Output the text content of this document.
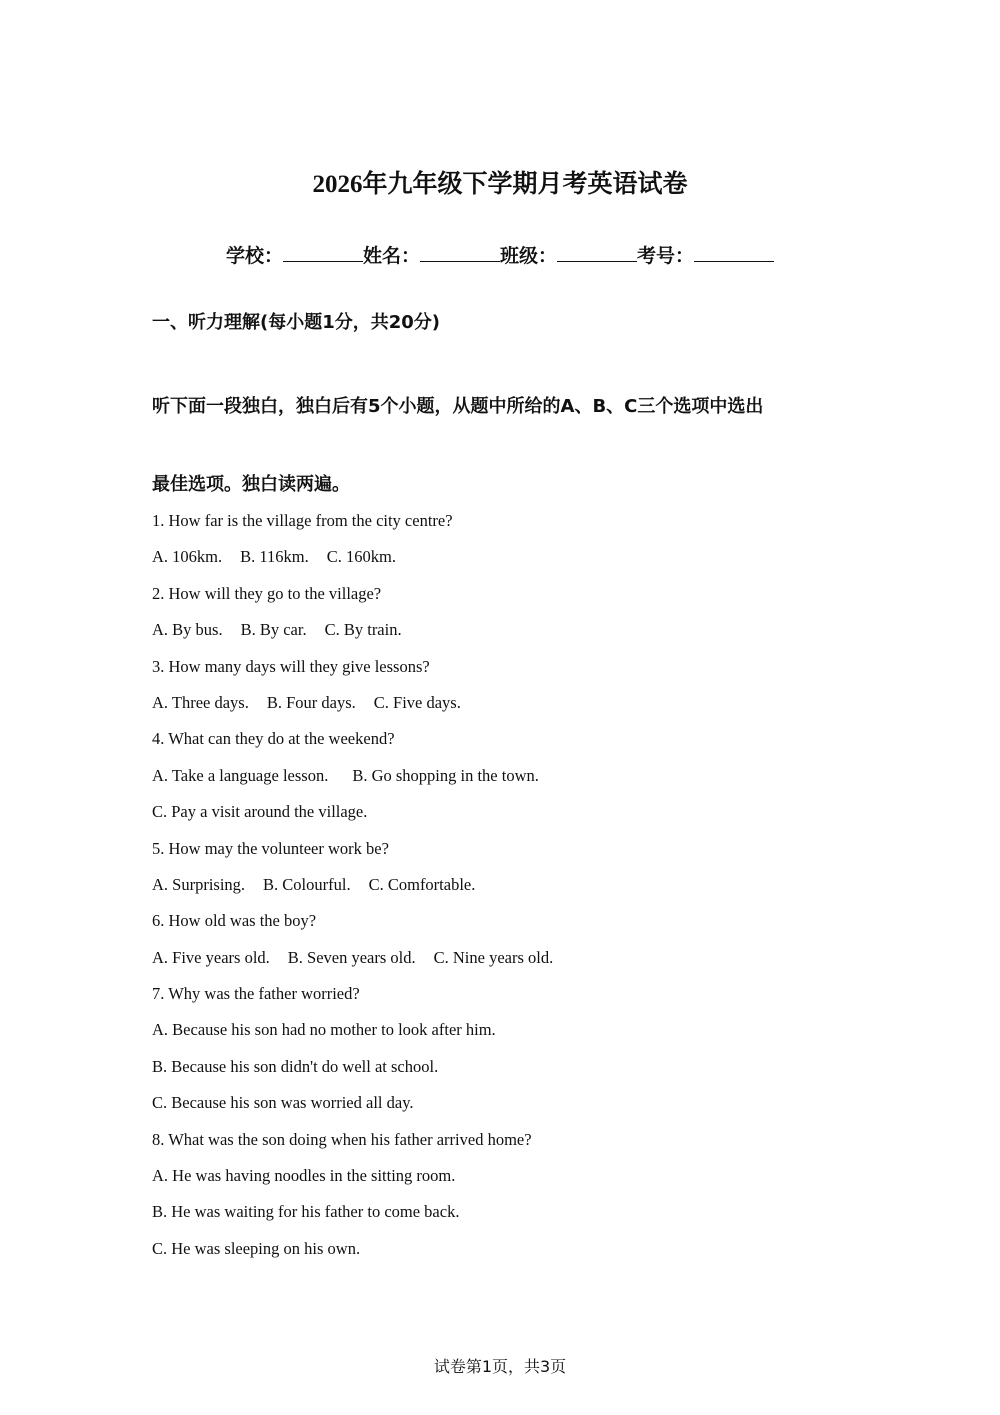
2026年九年级下学期月考英语试卷
学校：	姓名：	班级：	考号：
一、听力理解(每小题1分，共20分)
听下面一段独白，独白后有5个小题，从题中所给的A、B、C三个选项中选出
最佳选项。独白读两遍。
1. How far is the village from the city centre?
A. 106km. B. 116km. C. 160km.
2. How will they go to the village?
A. By bus. B. By car. C. By train.
3. How many days will they give lessons?
A. Three days. B. Four days. C. Five days.
4. What can they do at the weekend?
A. Take a language lesson. B. Go shopping in the town.
C. Pay a visit around the village.
5. How may the volunteer work be?
A. Surprising. B. Colourful. C. Comfortable.
6. How old was the boy?
A. Five years old. B. Seven years old. C. Nine years old.
7. Why was the father worried?
A. Because his son had no mother to look after him.
B. Because his son didn't do well at school.
C. Because his son was worried all day.
8. What was the son doing when his father arrived home?
A. He was having noodles in the sitting room.
B. He was waiting for his father to come back.
C. He was sleeping on his own.
试卷第1页，共3页
